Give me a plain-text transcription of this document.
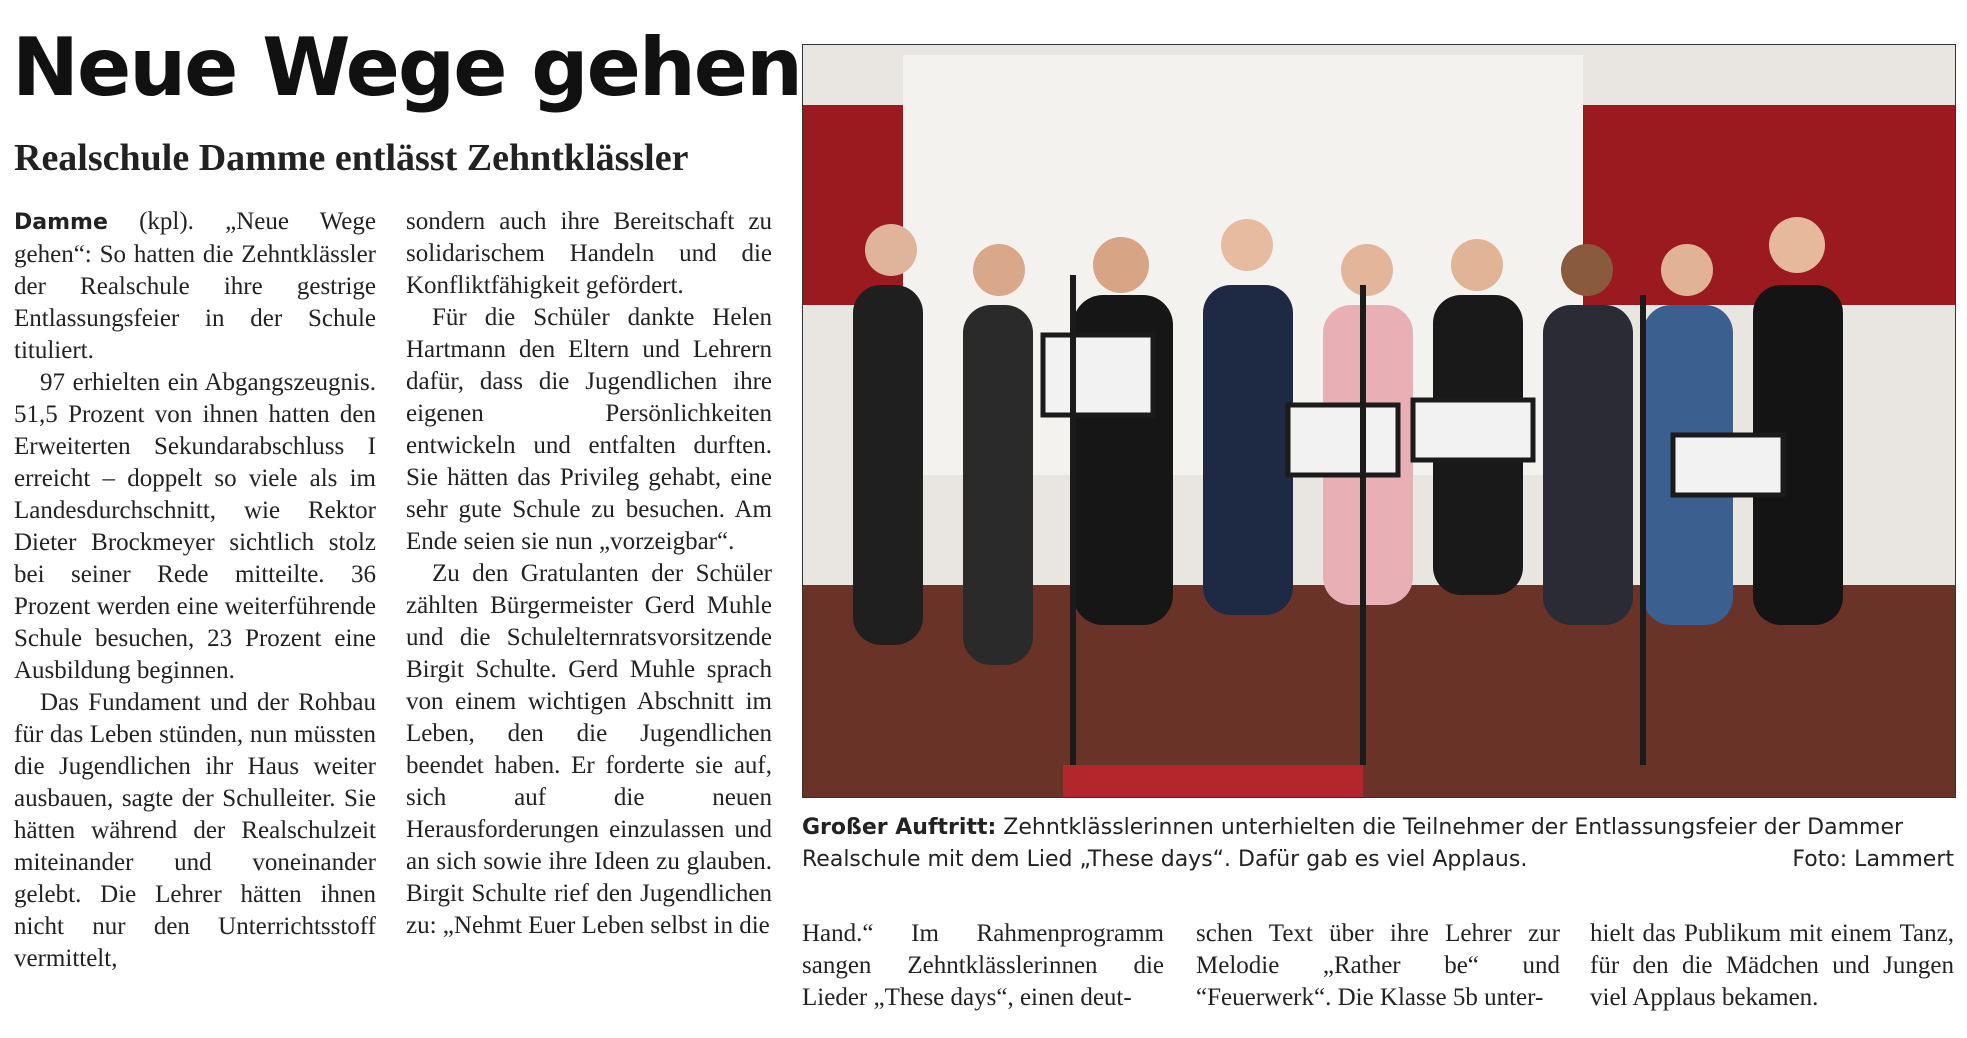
Neue Wege gehen
Realschule Damme entlässt Zehntklässler

Damme (kpl). „Neue Wege gehen“: So hatten die Zehntklässler der Realschule ihre gestrige Entlassungsfeier in der Schule tituliert.

97 erhielten ein Abgangszeugnis. 51,5 Prozent von ihnen hatten den Erweiterten Sekundarabschluss I erreicht – doppelt so viele als im Landesdurchschnitt, wie Rektor Dieter Brockmeyer sichtlich stolz bei seiner Rede mitteilte. 36 Prozent werden eine weiterführende Schule besuchen, 23 Prozent eine Ausbildung beginnen.

Das Fundament und der Rohbau für das Leben stünden, nun müssten die Jugendlichen ihr Haus weiter ausbauen, sagte der Schulleiter. Sie hätten während der Realschulzeit miteinander und voneinander gelebt. Die Lehrer hätten ihnen nicht nur den Unterrichtsstoff vermittelt,

sondern auch ihre Bereitschaft zu solidarischem Handeln und die Konfliktfähigkeit gefördert.

Für die Schüler dankte Helen Hartmann den Eltern und Lehrern dafür, dass die Jugendlichen ihre eigenen Persönlichkeiten entwickeln und entfalten durften. Sie hätten das Privileg gehabt, eine sehr gute Schule zu besuchen. Am Ende seien sie nun „vorzeigbar“.

Zu den Gratulanten der Schüler zählten Bürgermeister Gerd Muhle und die Schulelternratsvorsitzende Birgit Schulte. Gerd Muhle sprach von einem wichtigen Abschnitt im Leben, den die Jugendlichen beendet haben. Er forderte sie auf, sich auf die neuen Herausforderungen einzulassen und an sich sowie ihre Ideen zu glauben. Birgit Schulte rief den Jugendlichen zu: „Nehmt Euer Leben selbst in die

Großer Auftritt: Zehntklässlerinnen unterhielten die Teilnehmer der Entlassungsfeier der Dammer Realschule mit dem Lied „These days“. Dafür gab es viel Applaus.	Foto: Lammert

Hand.“ Im Rahmenprogramm sangen Zehntklässlerinnen die Lieder „These days“, einen deut-

schen Text über ihre Lehrer zur Melodie „Rather be“ und “Feuerwerk“. Die Klasse 5b unter-

hielt das Publikum mit einem Tanz, für den die Mädchen und Jungen viel Applaus bekamen.
